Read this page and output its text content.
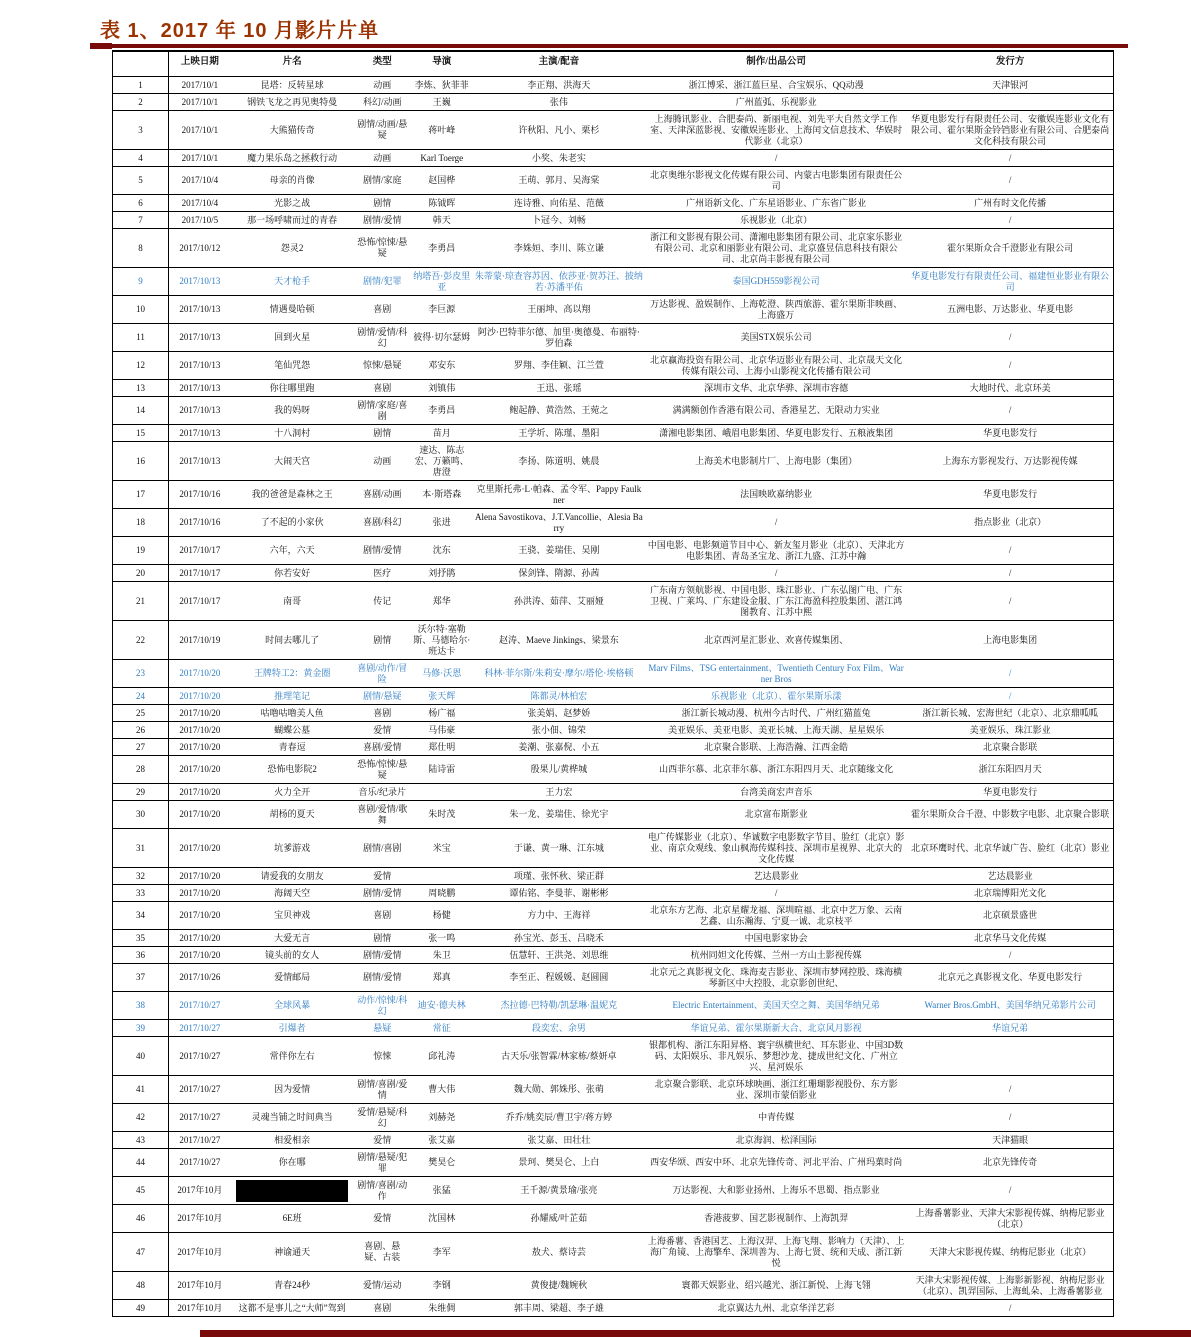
表 1、2017 年 10 月影片片单
	上映日期	片名	类型	导演	主演/配音	制作/出品公司	发行方
1	2017/10/1	昆塔：反转星球	动画	李炼、狄菲菲	李正翔、洪海天	浙江博采、浙江蓝巨星、合宝娱乐、QQ动漫	天津银河
2	2017/10/1	钢铁飞龙之再见奥特曼	科幻/动画	王巍	张伟	广州蓝弧、乐视影业	
3	2017/10/1	大熊猫传奇	剧情/动画/悬疑	蒋叶峰	许秋阳、凡小、栗杉	上海腾讯影业、合肥泰尚、新丽电视、刘先平大自然文学工作室、天津深蓝影视、安徽娱连影业、上海闰文信息技术、华娱时代影业（北京）	华夏电影发行有限责任公司、安徽娱连影业文化有限公司、霍尔果斯金铃铛影业有限公司、合肥泰尚 文化科技有限公司
4	2017/10/1	魔力果乐岛之拯救行动	动画	Karl Toerge	小奖、朱老实	/	/
5	2017/10/4	母亲的肖像	剧情/家庭	赵国桦	王萌、郭月、吴海棠	北京奥维尔影视文化传媒有限公司、内蒙古电影集团有限责任公司	/
6	2017/10/4	光影之战	剧情	陈钺晖	连诗雅、向佑星、范薇	广州语新文化、广东星语影业、广东省广影业	广州有时文化传播
7	2017/10/5	那一场呼啸而过的青春	剧情/爱情	韩天	卜冠今、刘畅	乐视影业（北京）	/
8	2017/10/12	怨灵2	恐怖/惊悚/悬疑	李勇昌	李姝姮、李川、陈立谦	浙江和文影视有限公司、潇湘电影集团有限公司、北京家乐影业有限公司、北京和丽影业有限公司、北京盛昱信息科技有限公司、北京尚丰影视有限公司	霍尔果斯众合千澄影业有限公司
9	2017/10/13	天才枪手	剧情/犯罪	纳塔吾·彭皮里亚	朱蒂蒙·琼查容苏因、依莎亚·贺苏汪、披纳若·苏潘平佑	泰国GDH559影视公司	华夏电影发行有限责任公司、福建恒业影业有限公司
10	2017/10/13	情遇曼哈顿	喜剧	李巨源	王丽坤、高以翔	万达影视、盈娱制作、上海乾澄、陕西旅游、霍尔果斯非映画、上海盛万	五洲电影、万达影业、华夏电影
11	2017/10/13	回到火星	剧情/爱情/科幻	彼得·切尔瑟姆	阿沙·巴特菲尔德、加里·奥德曼、布丽特·罗伯森	美国STX娱乐公司	/
12	2017/10/13	笔仙咒怨	惊悚/悬疑	邓安东	罗翔、李佳颖、江兰萱	北京赢海投资有限公司、北京华迈影业有限公司、北京晟天文化传媒有限公司、上海小山影视文化传播有限公司	/
13	2017/10/13	你往哪里跑	喜剧	刘镇伟	王迅、张瑶	深圳市文华、北京华骅、深圳市容德	大地时代、北京环美
14	2017/10/13	我的妈呀	剧情/家庭/喜剧	李勇昌	鲍起静、黄浩然、王菀之	满满额创作香港有限公司、香港星艺、无限动力实业	/
15	2017/10/13	十八洞村	剧情	苗月	王学圻、陈瑾、墨阳	潇湘电影集团、峨眉电影集团、华夏电影发行、五粮液集团	华夏电影发行
16	2017/10/13	大闹天宫	动画	速达、陈志宏、万籁鸣、唐澄	李扬、陈道明、姚晨	上海美术电影制片厂、上海电影（集团）	上海东方影视发行、万达影视传媒
17	2017/10/16	我的爸爸是森林之王	喜剧/动画	本·斯塔森	克里斯托弗·L·帕森、孟令军、Pappy Faulkner	法国映欧嘉纳影业	华夏电影发行
18	2017/10/16	了不起的小家伙	喜剧/科幻	张进	Alena Savostikova、J.T.Vancollie、Alesia Barry	/	指点影业（北京）
19	2017/10/17	六年，六天	剧情/爱情	沈东	王骁、姜瑞佳、吴刚	中国电影、电影频道节目中心、新友玺月影业（北京）、天津北方电影集团、青岛圣宝龙、浙江九盛、江苏中瀚	/
20	2017/10/17	你若安好	医疗	刘抒鹃	保剑锋、隋源、孙茜	/	/
21	2017/10/17	南哥	传记	郑华	孙洪涛、茹萍、艾丽娅	广东南方领航影视、中国电影、珠江影业、广东弘图广电、广东卫视、广莱坞、广东建设金服、广东江海盈科控股集团、湛江鸿图教育、江苏中熙	/
22	2017/10/19	时间去哪儿了	剧情	沃尔特·塞勒斯、马德哈尔·班达卡	赵涛、Maeve Jinkings、梁景东	北京西河星汇影业、欢喜传媒集团、	上海电影集团
23	2017/10/20	王牌特工2：黄金圈	喜剧/动作/冒险	马修·沃恩	科林·菲尔斯/朱莉安·摩尔/塔伦·埃格顿	Marv Films、TSG entertainment、Twentieth Century Fox Film、Warner Bros	/
24	2017/10/20	推理笔记	剧情/悬疑	张天辉	陈都灵/林柏宏	乐视影业（北京）、霍尔果斯乐漾	/
25	2017/10/20	咕噜咕噜美人鱼	喜剧	杨广福	张美娟、赵梦娇	浙江新长城动漫、杭州今古时代、广州红猫蓝兔	浙江新长城、宏海世纪（北京）、北京鼎呱呱
26	2017/10/20	蝴蝶公墓	爱情	马伟豪	张小佃、锦荣	美亚娱乐、美亚电影、美亚长城、上海天湖、星星娱乐	美亚娱乐、珠江影业
27	2017/10/20	青春逗	喜剧/爱情	郑仕明	姜潮、张嘉倪、小五	北京聚合影联、上海浩瀚、江西金皓	北京聚合影联
28	2017/10/20	恐怖电影院2	恐怖/惊悚/悬疑	陆诗雷	殷果儿/黄桦城	山西菲尔慕、北京菲尔慕、浙江东阳四月天、北京随缘文化	浙江东阳四月天
29	2017/10/20	火力全开	音乐/纪录片		王力宏	台湾美商宏声音乐	华夏电影发行
30	2017/10/20	胡杨的夏天	喜剧/爱情/歌舞	朱时茂	朱一龙、姜瑞佳、徐光宇	北京富布斯影业	霍尔果斯众合千澄、中影数字电影、北京聚合影联
31	2017/10/20	坑爹游戏	剧情/喜剧	米宝	于谦、黄一琳、江东城	电广传媒影业（北京）、华诚数字电影数字节目、脸红（北京）影业、南京众观线、象山枫海传媒科技、深圳市星视界、北京大的文化传媒	北京环鹰时代、北京华诚广告、脸红（北京）影业
32	2017/10/20	请爱我的女朋友	爱情		项瑾、张怀秋、梁正群	艺达晨影业	艺达晨影业
33	2017/10/20	海阔天空	剧情/爱情	周晓鹏	谭佑铭、李曼菲、谢彬彬	/	北京瑞博阳光文化
34	2017/10/20	宝贝神戏	喜剧	杨健	方力中、王海祥	北京东方艺海、北京星耀龙福、深圳暄福、北京中艺万象、云南艺鑫、山东瀚海、宁夏一诚、北京枝平	北京硕景盛世
35	2017/10/20	大爱无言	剧情	张一鸣	孙宝光、彭玉、吕晓禾	中国电影家协会	北京华马文化传媒
36	2017/10/20	镜头前的女人	剧情/爱情	朱卫	伍慧轩、王洪尧、刘思维	杭州同妲文化传媒、兰州一方山土影视传媒	/
37	2017/10/26	爱情邮局	剧情/爱情	郑真	李至正、程媛媛、赵圆圆	北京元之真影视文化、珠海麦吉影业、深圳市梦网控股、珠海横琴新区中大控股、北京影创世纪、	北京元之真影视文化、华夏电影发行
38	2017/10/27	全球风暴	动作/惊悚/科幻	迪安·德夫林	杰拉德·巴特勒/凯瑟琳·温妮克	Electric Entertainment、美国天空之舞、美国华纳兄弟	Warner Bros.GmbH、美国华纳兄弟影片公司
39	2017/10/27	引爆者	悬疑	常征	段奕宏、余男	华谊兄弟、霍尔果斯新大合、北京风月影视	华谊兄弟
40	2017/10/27	常伴你左右	惊悚	邱礼涛	古天乐/张智霖/林家栋/蔡妍卓	银都机构、浙江东阳昇格、寰宇纵横世纪、耳东影业、中国3D数码、太阳娱乐、非凡娱乐、梦想沙龙、捷成世纪文化、广州立兴、星河娱乐	
41	2017/10/27	因为爱情	剧情/喜剧/爱情	曹大伟	魏大勋、郭姝彤、张萌	北京聚合影联、北京环球映画、浙江红珊瑚影视股份、东方影业、深圳市蒙佰影业	/
42	2017/10/27	灵魂当铺之时间典当	爱情/悬疑/科幻	刘赫尧	乔乔/姚奕辰/曹卫宇/蒋方婷	中青传媒	/
43	2017/10/27	相爱相亲	爱情	张艾嘉	张艾嘉、田壮壮	北京海润、松泽国际	天津猫眼
44	2017/10/27	你在哪	剧情/悬疑/犯罪	樊昊仑	景珂、樊昊仑、上白	西安华颂、西安中环、北京先锋传奇、河北平治、广州玛菓时尚	北京先锋传奇
45	2017年10月		剧情/喜剧/动作	张猛	王千源/黄景瑜/张亮	万达影视、大和影业扬州、上海乐不思蜀、指点影业	/
46	2017年10月	6E班	爱情	沈国林	孙耀威/叶芷茹	香港菠萝、国艺影视制作、上海凯羿	上海番薯影业、天津大宋影视传媒、纳梅尼影业（北京）
47	2017年10月	神谕通天	喜剧、悬疑、古装	李军	敖犬、蔡诗芸	上海番薯、香港国艺、上海汉羿、上海飞翔、影响力（天津）、上海广角镜、上海擎牟、深圳善为、上海七贤、统和天成、浙江新悦	天津大宋影视传媒、纳梅尼影业（北京）
48	2017年10月	青春24秒	爱情/运动	李钢	黄俊捷/魏婉秋	寰都天娱影业、绍兴越光、浙江新悦、上海飞翎	天津大宋影视传媒、上海影新影视、纳梅尼影业（北京）、凯羿国际、上海虬朵、上海番薯影业
49	2017年10月	这都不是事儿之“大师”驾到	喜剧	朱维倜	郭丰周、梁超、李子雄	北京翼达九州、北京华洋艺彩	/
